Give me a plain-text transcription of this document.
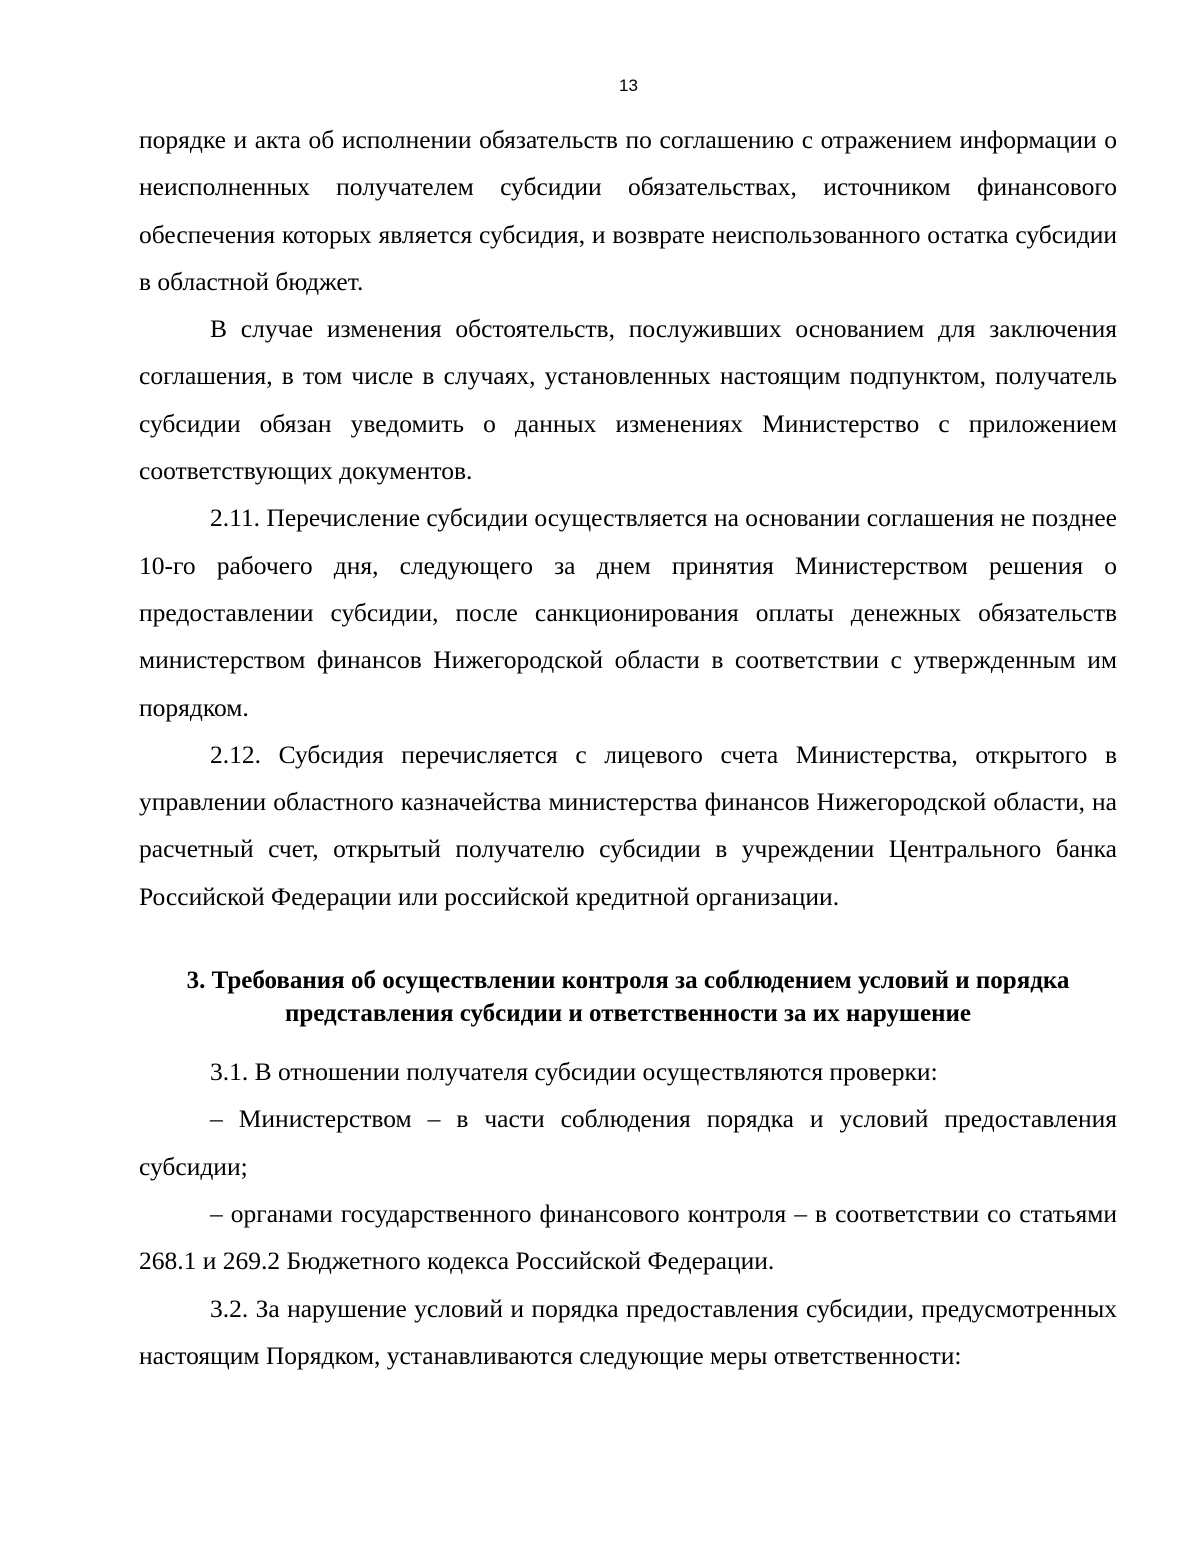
13

порядке и акта об исполнении обязательств по соглашению с отражением информации о неисполненных получателем субсидии обязательствах, источником финансового обеспечения которых является субсидия, и возврате неиспользованного остатка субсидии в областной бюджет.

В случае изменения обстоятельств, послуживших основанием для заключения соглашения, в том числе в случаях, установленных настоящим подпунктом, получатель субсидии обязан уведомить о данных изменениях Министерство с приложением соответствующих документов.

2.11. Перечисление субсидии осуществляется на основании соглашения не позднее 10-го рабочего дня, следующего за днем принятия Министерством решения о предоставлении субсидии, после санкционирования оплаты денежных обязательств министерством финансов Нижегородской области в соответствии с утвержденным им порядком.

2.12. Субсидия перечисляется с лицевого счета Министерства, открытого в управлении областного казначейства министерства финансов Нижегородской области, на расчетный счет, открытый получателю субсидии в учреждении Центрального банка Российской Федерации или российской кредитной организации.

3. Требования об осуществлении контроля за соблюдением условий и порядка
представления субсидии и ответственности за их нарушение

3.1. В отношении получателя субсидии осуществляются проверки:

– Министерством – в части соблюдения порядка и условий предоставления субсидии;

– органами государственного финансового контроля – в соответствии со статьями 268.1 и 269.2 Бюджетного кодекса Российской Федерации.

3.2. За нарушение условий и порядка предоставления субсидии, предусмотренных настоящим Порядком, устанавливаются следующие меры ответственности:
